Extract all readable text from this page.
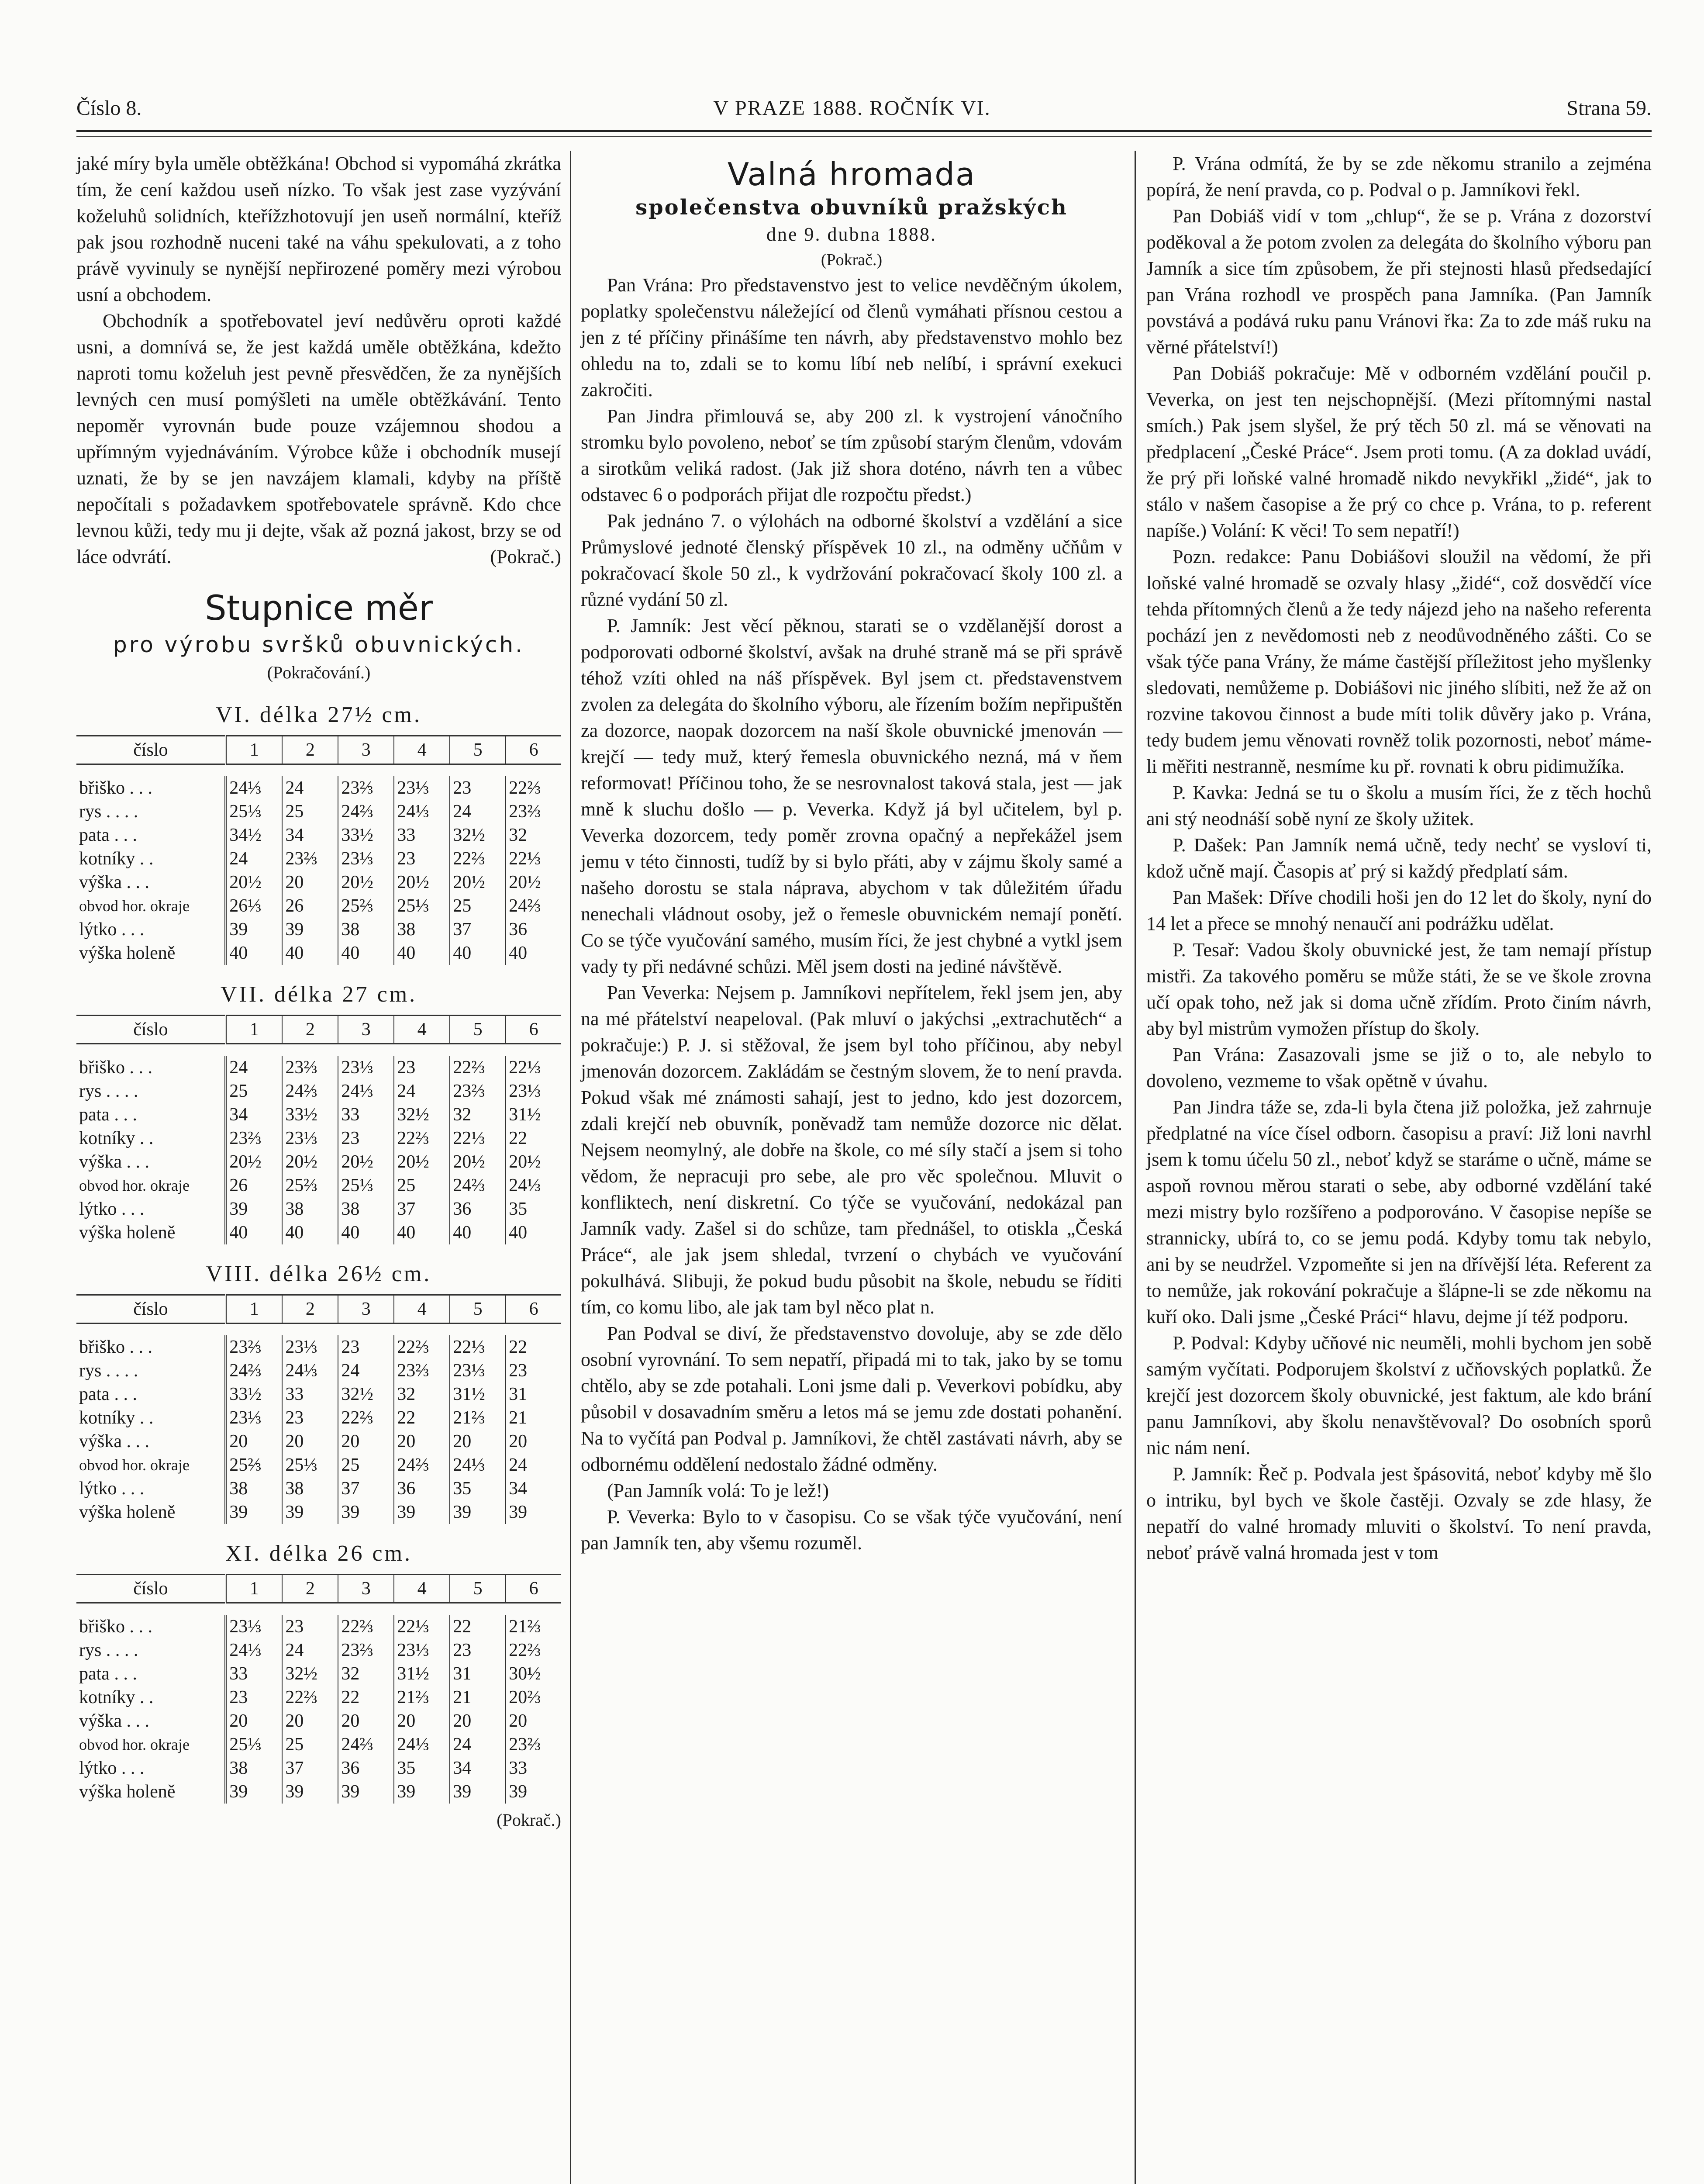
Číslo 8.	V PRAZE 1888. ROČNÍK VI.	Strana 59.

jaké míry byla uměle obtěžkána! Obchod si vypomáhá zkrátka tím, že cení každou useň nízko. To však jest zase vyzývání koželuhů solidních, kteřížzhotovují jen useň normální, kteříž pak jsou rozhodně nuceni také na váhu spekulovati, a z toho právě vyvinuly se nynější nepřirozené poměry mezi výrobou usní a obchodem.

Obchodník a spotřebovatel jeví nedůvěru oproti každé usni, a domnívá se, že jest každá uměle obtěžkána, kdežto naproti tomu koželuh jest pevně přesvědčen, že za nynějších levných cen musí pomýšleti na uměle obtěžkávání. Tento nepoměr vyrovnán bude pouze vzájemnou shodou a upřímným vyjednáváním. Výrobce kůže i obchodník musejí uznati, že by se jen navzájem klamali, kdyby na příště nepočítali s požadavkem spotřebovatele správně. Kdo chce levnou kůži, tedy mu ji dejte, však až pozná jakost, brzy se od láce odvrátí.	(Pokrač.)

Stupnice měr
pro výrobu svršků obuvnických.
(Pokračování.)
VI. délka 27½ cm.
číslo	1	2	3	4	5	6

břiško . . .	24⅓	24	23⅔	23⅓	23	22⅔
rys . . . .	25⅓	25	24⅔	24⅓	24	23⅔
pata . . .	34½	34	33½	33	32½	32
kotníky . .	24	23⅔	23⅓	23	22⅔	22⅓
výška . . .	20½	20	20½	20½	20½	20½
obvod hor. okraje	26⅓	26	25⅔	25⅓	25	24⅔
lýtko . . .	39	39	38	38	37	36
výška holeně	40	40	40	40	40	40
VII. délka 27 cm.
číslo	1	2	3	4	5	6

břiško . . .	24	23⅔	23⅓	23	22⅔	22⅓
rys . . . .	25	24⅔	24⅓	24	23⅔	23⅓
pata . . .	34	33½	33	32½	32	31½
kotníky . .	23⅔	23⅓	23	22⅔	22⅓	22
výška . . .	20½	20½	20½	20½	20½	20½
obvod hor. okraje	26	25⅔	25⅓	25	24⅔	24⅓
lýtko . . .	39	38	38	37	36	35
výška holeně	40	40	40	40	40	40
VIII. délka 26½ cm.
číslo	1	2	3	4	5	6

břiško . . .	23⅔	23⅓	23	22⅔	22⅓	22
rys . . . .	24⅔	24⅓	24	23⅔	23⅓	23
pata . . .	33½	33	32½	32	31½	31
kotníky . .	23⅓	23	22⅔	22	21⅔	21
výška . . .	20	20	20	20	20	20
obvod hor. okraje	25⅔	25⅓	25	24⅔	24⅓	24
lýtko . . .	38	38	37	36	35	34
výška holeně	39	39	39	39	39	39
XI. délka 26 cm.
číslo	1	2	3	4	5	6

břiško . . .	23⅓	23	22⅔	22⅓	22	21⅔
rys . . . .	24⅓	24	23⅔	23⅓	23	22⅔
pata . . .	33	32½	32	31½	31	30½
kotníky . .	23	22⅔	22	21⅔	21	20⅔
výška . . .	20	20	20	20	20	20
obvod hor. okraje	25⅓	25	24⅔	24⅓	24	23⅔
lýtko . . .	38	37	36	35	34	33
výška holeně	39	39	39	39	39	39
(Pokrač.)
Valná hromada
společenstva obuvníků pražských
dne 9. dubna 1888.
(Pokrač.)

Pan Vrána: Pro představenstvo jest to velice nevděčným úkolem, poplatky společenstvu náležející od členů vymáhati přísnou cestou a jen z té příčiny přinášíme ten návrh, aby představenstvo mohlo bez ohledu na to, zdali se to komu líbí neb nelíbí, i správní exekuci zakročiti.

Pan Jindra přimlouvá se, aby 200 zl. k vystrojení vánočního stromku bylo povoleno, neboť se tím způsobí starým členům, vdovám a sirotkům veliká radost. (Jak již shora doténo, návrh ten a vůbec odstavec 6 o podporách přijat dle rozpočtu předst.)

Pak jednáno 7. o výlohách na odborné školství a vzdělání a sice Průmyslové jednoté členský příspěvek 10 zl., na odměny učňům v pokračovací škole 50 zl., k vydržování pokračovací školy 100 zl. a různé vydání 50 zl.

P. Jamník: Jest věcí pěknou, starati se o vzdělanější dorost a podporovati odborné školství, avšak na druhé straně má se při správě téhož vzíti ohled na náš příspěvek. Byl jsem ct. představenstvem zvolen za delegáta do školního výboru, ale řízením božím nepřipuštěn za dozorce, naopak dozorcem na naší škole obuvnické jmenován — krejčí — tedy muž, který řemesla obuvnického nezná, má v ňem reformovat! Příčinou toho, že se nesrovnalost taková stala, jest — jak mně k sluchu došlo — p. Veverka. Když já byl učitelem, byl p. Veverka dozorcem, tedy poměr zrovna opačný a nepřekážel jsem jemu v této činnosti, tudíž by si bylo přáti, aby v zájmu školy samé a našeho dorostu se stala náprava, abychom v tak důležitém úřadu nenechali vládnout osoby, jež o řemesle obuvnickém nemají ponětí. Co se týče vyučování samého, musím říci, že jest chybné a vytkl jsem vady ty při nedávné schůzi. Měl jsem dosti na jediné návštěvě.

Pan Veverka: Nejsem p. Jamníkovi nepřítelem, řekl jsem jen, aby na mé přátelství neapeloval. (Pak mluví o jakýchsi „extrachutěch“ a pokračuje:) P. J. si stěžoval, že jsem byl toho příčinou, aby nebyl jmenován dozorcem. Zakládám se čestným slovem, že to není pravda. Pokud však mé známosti sahají, jest to jedno, kdo jest dozorcem, zdali krejčí neb obuvník, poněvadž tam nemůže dozorce nic dělat. Nejsem neomylný, ale dobře na škole, co mé síly stačí a jsem si toho vědom, že nepracuji pro sebe, ale pro věc společnou. Mluvit o konfliktech, není diskretní. Co týče se vyučování, nedokázal pan Jamník vady. Zašel si do schůze, tam přednášel, to otiskla „Česká Práce“, ale jak jsem shledal, tvrzení o chybách ve vyučování pokulhává. Slibuji, že pokud budu působit na škole, nebudu se říditi tím, co komu libo, ale jak tam byl něco plat n.

Pan Podval se diví, že představenstvo dovoluje, aby se zde dělo osobní vyrovnání. To sem nepatří, připadá mi to tak, jako by se tomu chtělo, aby se zde potahali. Loni jsme dali p. Veverkovi pobídku, aby působil v dosavadním směru a letos má se jemu zde dostati pohanění. Na to vyčítá pan Podval p. Jamníkovi, že chtěl zastávati návrh, aby se odbornému oddělení nedostalo žádné odměny.

(Pan Jamník volá: To je lež!)

P. Veverka: Bylo to v časopisu. Co se však týče vyučování, není pan Jamník ten, aby všemu rozuměl.

P. Vrána odmítá, že by se zde někomu stranilo a zejména popírá, že není pravda, co p. Podval o p. Jamníkovi řekl.

Pan Dobiáš vidí v tom „chlup“, že se p. Vrána z dozorství poděkoval a že potom zvolen za delegáta do školního výboru pan Jamník a sice tím způsobem, že při stejnosti hlasů předsedající pan Vrána rozhodl ve prospěch pana Jamníka. (Pan Jamník povstává a podává ruku panu Vránovi řka: Za to zde máš ruku na věrné přátelství!)

Pan Dobiáš pokračuje: Mě v odborném vzdělání poučil p. Veverka, on jest ten nejschopnější. (Mezi přítomnými nastal smích.) Pak jsem slyšel, že prý těch 50 zl. má se věnovati na předplacení „České Práce“. Jsem proti tomu. (A za doklad uvádí, že prý při loňské valné hromadě nikdo nevykřikl „židé“, jak to stálo v našem časopise a že prý co chce p. Vrána, to p. referent napíše.) Volání: K věci! To sem nepatří!)

Pozn. redakce: Panu Dobiášovi sloužil na vědomí, že při loňské valné hromadě se ozvaly hlasy „židé“, což dosvědčí více tehda přítomných členů a že tedy nájezd jeho na našeho referenta pochází jen z nevědomosti neb z neodůvodněného zášti. Co se však týče pana Vrány, že máme častější příležitost jeho myšlenky sledovati, nemůžeme p. Dobiášovi nic jiného slíbiti, než že až on rozvine takovou činnost a bude míti tolik důvěry jako p. Vrána, tedy budem jemu věnovati rovněž tolik pozornosti, neboť máme-li měřiti nestranně, nesmíme ku př. rovnati k obru pidimužíka.

P. Kavka: Jedná se tu o školu a musím říci, že z těch hochů ani stý neodnáší sobě nyní ze školy užitek.

P. Dašek: Pan Jamník nemá učně, tedy nechť se vysloví ti, kdož učně mají. Časopis ať prý si každý předplatí sám.

Pan Mašek: Dříve chodili hoši jen do 12 let do školy, nyní do 14 let a přece se mnohý nenaučí ani podrážku udělat.

P. Tesař: Vadou školy obuvnické jest, že tam nemají přístup mistři. Za takového poměru se může státi, že se ve škole zrovna učí opak toho, než jak si doma učně zřídím. Proto činím návrh, aby byl mistrům vymožen přístup do školy.

Pan Vrána: Zasazovali jsme se již o to, ale nebylo to dovoleno, vezmeme to však opětně v úvahu.

Pan Jindra táže se, zda-li byla čtena již položka, jež zahrnuje předplatné na více čísel odborn. časopisu a praví: Již loni navrhl jsem k tomu účelu 50 zl., neboť když se staráme o učně, máme se aspoň rovnou měrou starati o sebe, aby odborné vzdělání také mezi mistry bylo rozšířeno a podporováno. V časopise nepíše se strannicky, ubírá to, co se jemu podá. Kdyby tomu tak nebylo, ani by se neudržel. Vzpomeňte si jen na dřívější léta. Referent za to nemůže, jak rokování pokračuje a šlápne-li se zde někomu na kuří oko. Dali jsme „České Práci“ hlavu, dejme jí též podporu.

P. Podval: Kdyby učňové nic neuměli, mohli bychom jen sobě samým vyčítati. Podporujem školství z učňovských poplatků. Že krejčí jest dozorcem školy obuvnické, jest faktum, ale kdo brání panu Jamníkovi, aby školu nenavštěvoval? Do osobních sporů nic nám není.

P. Jamník: Řeč p. Podvala jest špásovitá, neboť kdyby mě šlo o intriku, byl bych ve škole častěji. Ozvaly se zde hlasy, že nepatří do valné hromady mluviti o školství. To není pravda, neboť právě valná hromada jest v tom
